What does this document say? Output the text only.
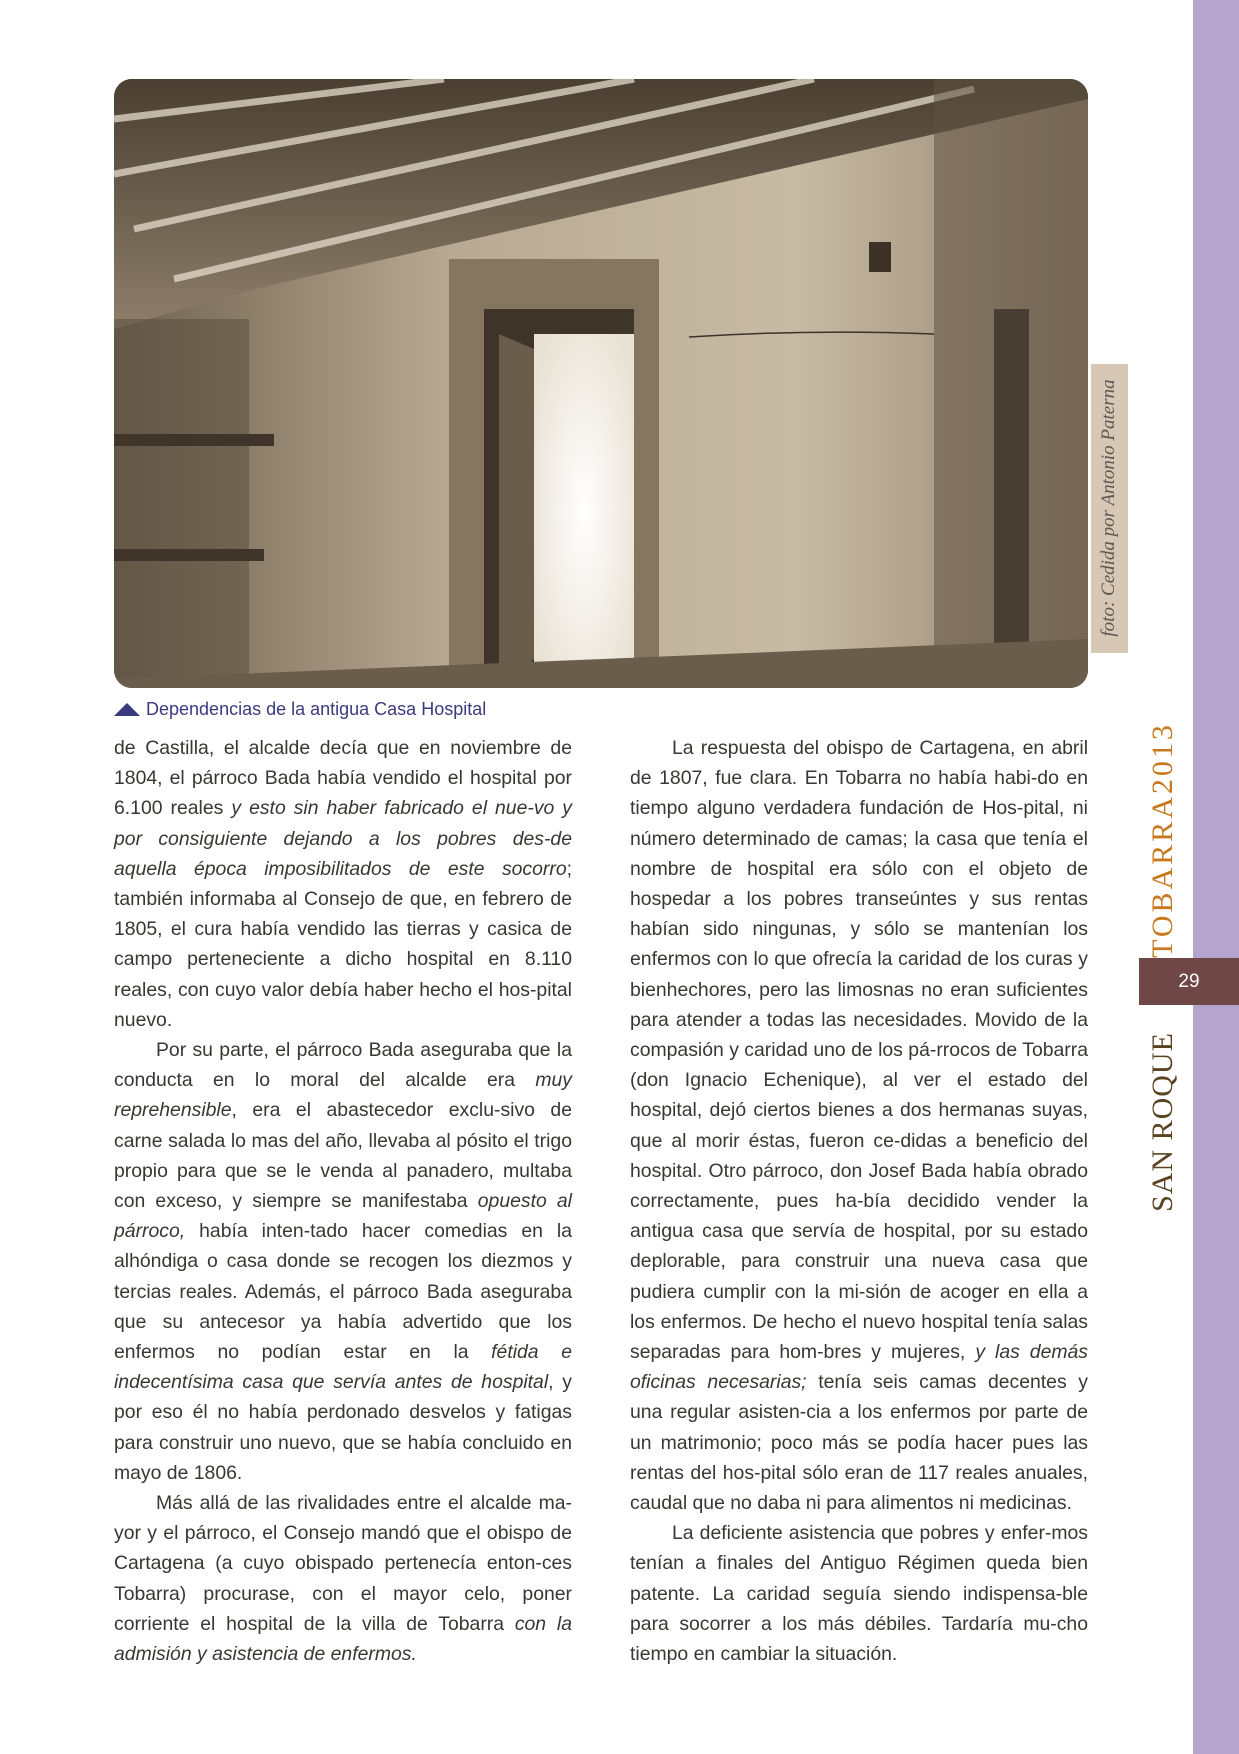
foto: Cedida por Antonio Paterna
Dependencias de la antigua Casa Hospital

de Castilla, el alcalde decía que en noviembre de 1804, el párroco Bada había vendido el hospital por 6.100 reales y esto sin haber fabricado el nue-vo y por consiguiente dejando a los pobres des-de aquella época imposibilitados de este socorro; también informaba al Consejo de que, en febrero de 1805, el cura había vendido las tierras y casica de campo perteneciente a dicho hospital en 8.110 reales, con cuyo valor debía haber hecho el hos-pital nuevo.

Por su parte, el párroco Bada aseguraba que la conducta en lo moral del alcalde era muy reprehensible, era el abastecedor exclu-sivo de carne salada lo mas del año, llevaba al pósito el trigo propio para que se le venda al panadero, multaba con exceso, y siempre se manifestaba opuesto al párroco, había inten-tado hacer comedias en la alhóndiga o casa donde se recogen los diezmos y tercias reales. Además, el párroco Bada aseguraba que su antecesor ya había advertido que los enfermos no podían estar en la fétida e indecentísima casa que servía antes de hospital, y por eso él no había perdonado desvelos y fatigas para construir uno nuevo, que se había concluido en mayo de 1806.

Más allá de las rivalidades entre el alcalde ma-yor y el párroco, el Consejo mandó que el obispo de Cartagena (a cuyo obispado pertenecía enton-ces Tobarra) procurase, con el mayor celo, poner corriente el hospital de la villa de Tobarra con la admisión y asistencia de enfermos.

La respuesta del obispo de Cartagena, en abril de 1807, fue clara. En Tobarra no había habi-do en tiempo alguno verdadera fundación de Hos-pital, ni número determinado de camas; la casa que tenía el nombre de hospital era sólo con el objeto de hospedar a los pobres transeúntes y sus rentas habían sido ningunas, y sólo se mantenían los enfermos con lo que ofrecía la caridad de los curas y bienhechores, pero las limosnas no eran suficientes para atender a todas las necesidades. Movido de la compasión y caridad uno de los pá-rrocos de Tobarra (don Ignacio Echenique), al ver el estado del hospital, dejó ciertos bienes a dos hermanas suyas, que al morir éstas, fueron ce-didas a beneficio del hospital. Otro párroco, don Josef Bada había obrado correctamente, pues ha-bía decidido vender la antigua casa que servía de hospital, por su estado deplorable, para construir una nueva casa que pudiera cumplir con la mi-sión de acoger en ella a los enfermos. De hecho el nuevo hospital tenía salas separadas para hom-bres y mujeres, y las demás oficinas necesarias; tenía seis camas decentes y una regular asisten-cia a los enfermos por parte de un matrimonio; poco más se podía hacer pues las rentas del hos-pital sólo eran de 117 reales anuales, caudal que no daba ni para alimentos ni medicinas.

La deficiente asistencia que pobres y enfer-mos tenían a finales del Antiguo Régimen queda bien patente. La caridad seguía siendo indispensa-ble para socorrer a los más débiles. Tardaría mu-cho tiempo en cambiar la situación.

TOBARRA2013
29
SAN ROQUE
